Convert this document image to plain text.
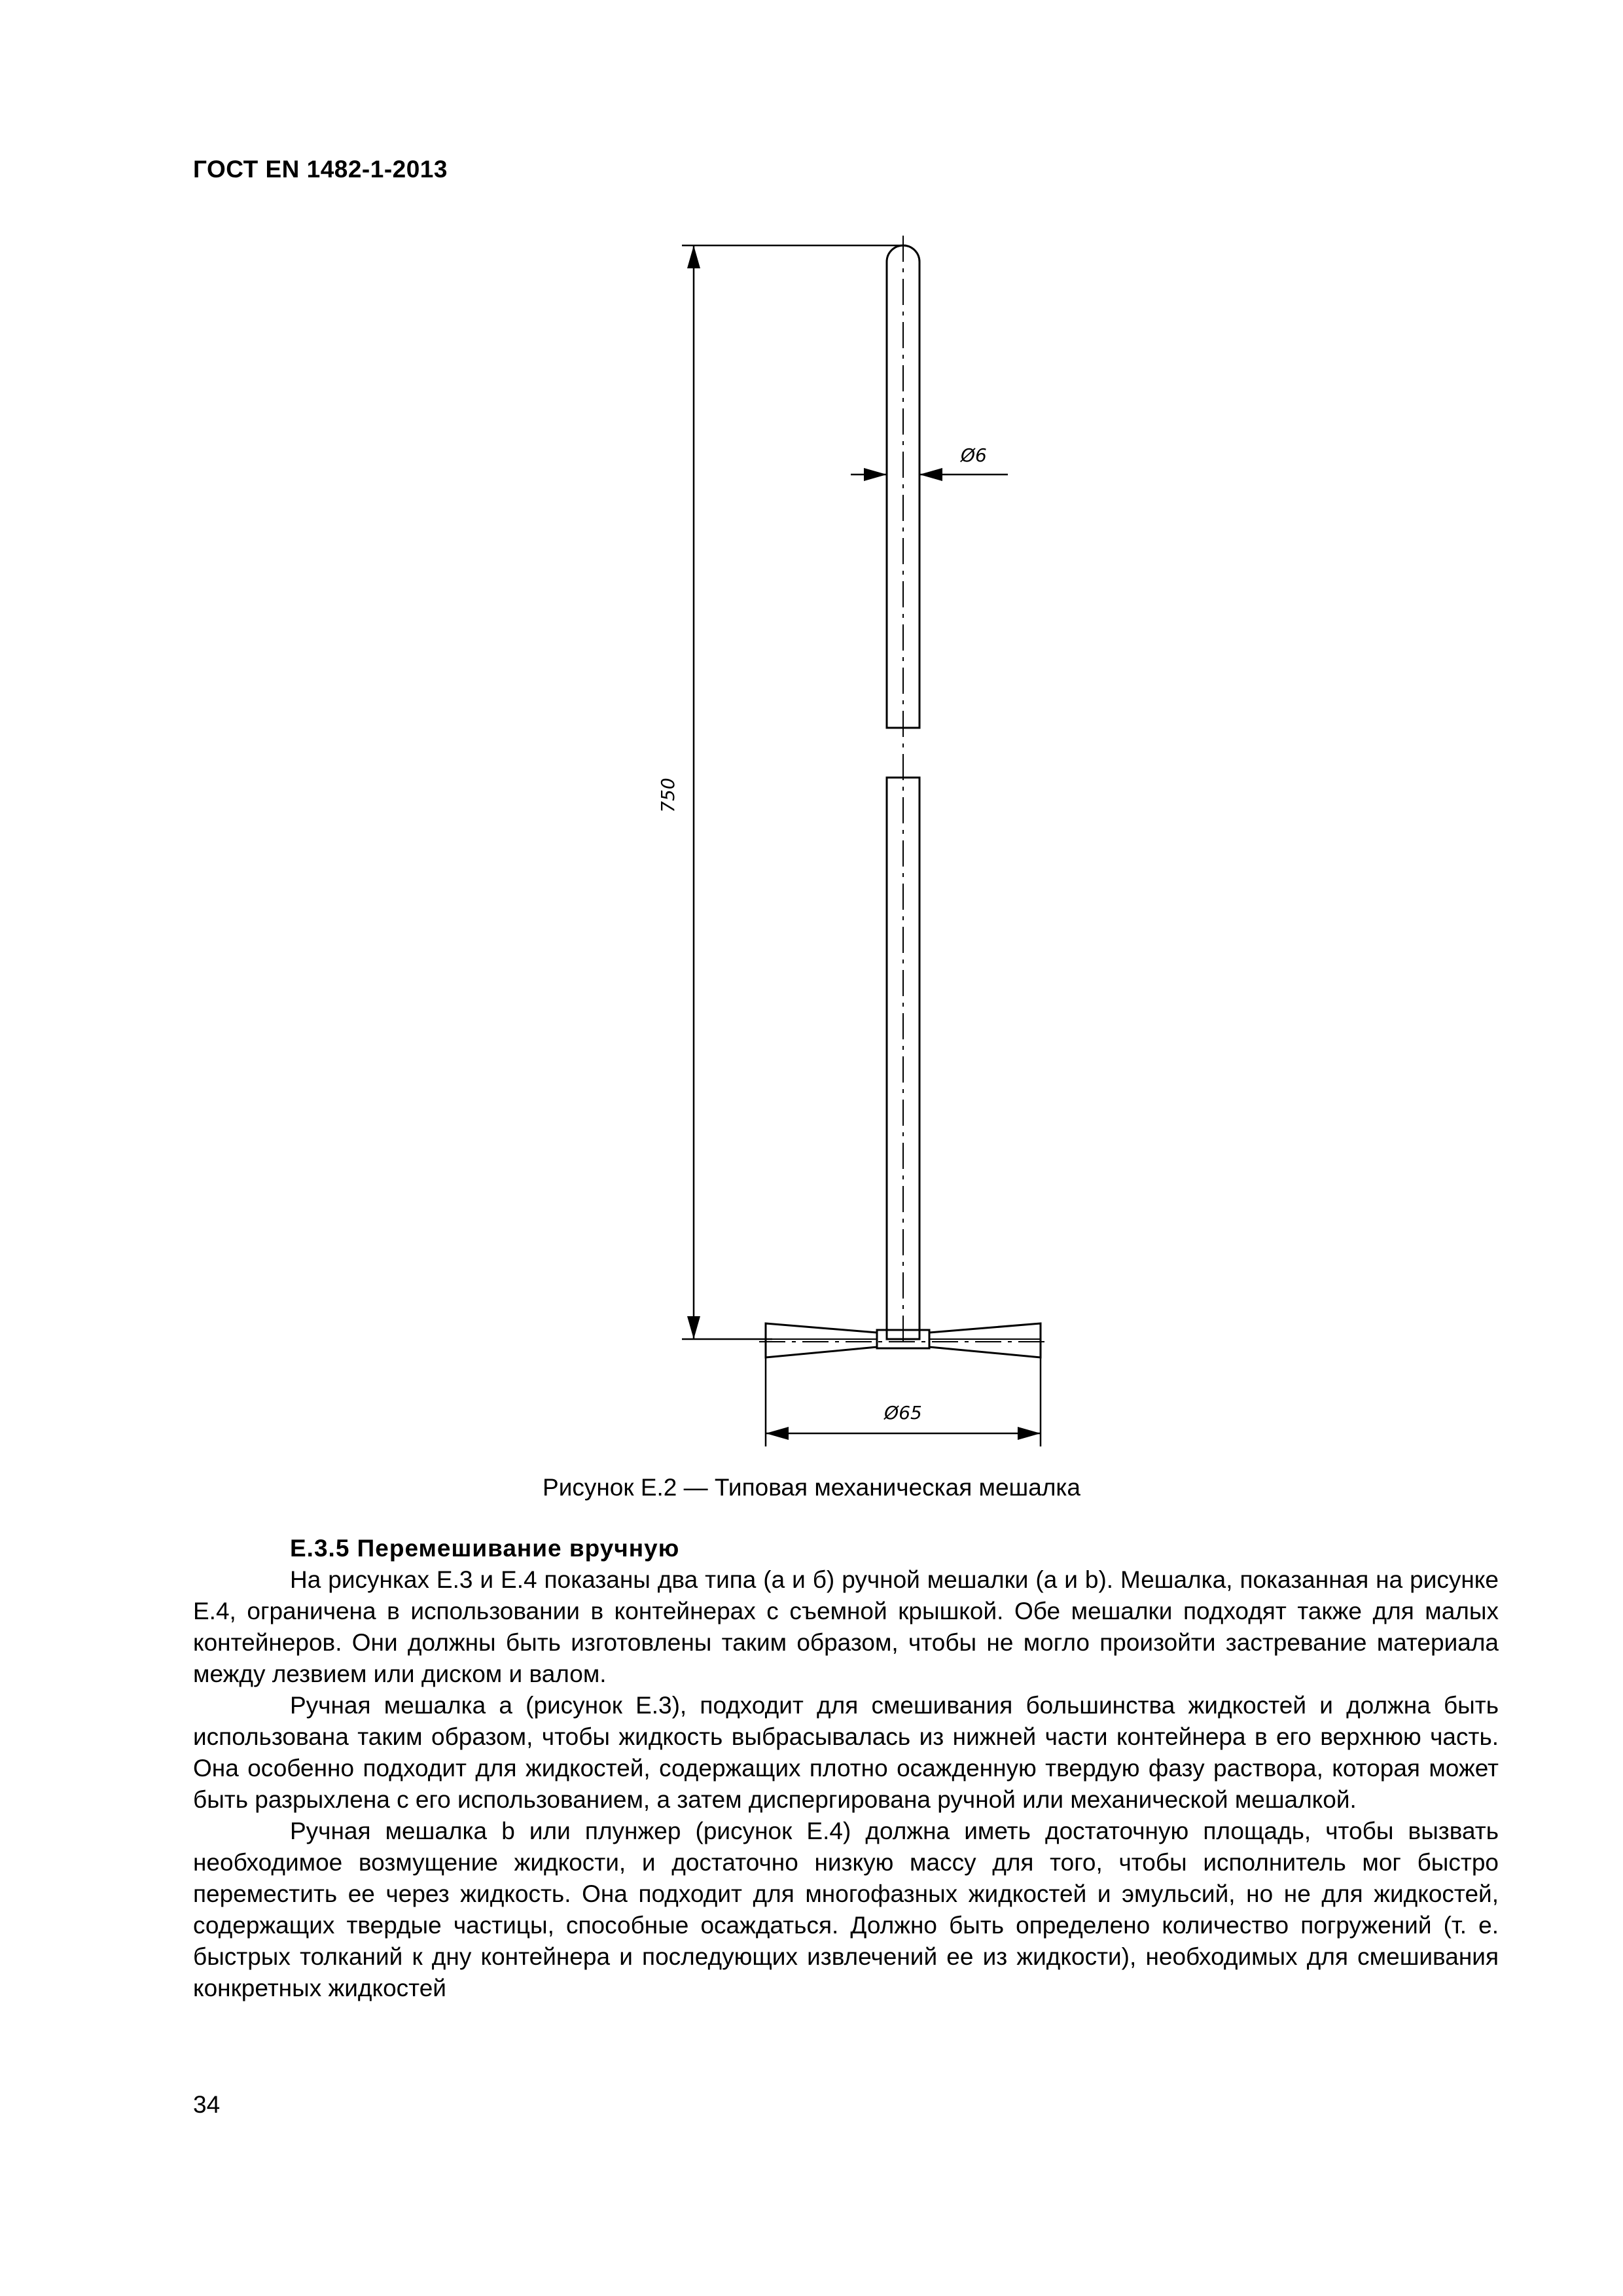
ГОСТ EN 1482-1-2013
750
Ø6
Ø65
Рисунок Е.2 — Типовая механическая мешалка
Е.3.5 Перемешивание вручную

На рисунках Е.3 и Е.4 показаны два типа (а и б) ручной мешалки (a и b). Мешалка, показанная на рисунке Е.4, ограничена в использовании в контейнерах с съемной крышкой. Обе мешалки подходят также для малых контейнеров. Они должны быть изготовлены таким образом, чтобы не могло произойти застревание материала между лезвием или диском и валом.

Ручная мешалка а (рисунок Е.3), подходит для смешивания большинства жидкостей и должна быть использована таким образом, чтобы жидкость выбрасывалась из нижней части контейнера в его верхнюю часть. Она особенно подходит для жидкостей, содержащих плотно осажденную твердую фазу раствора, которая может быть разрыхлена с его использованием, а затем диспергирована ручной или механической мешалкой.

Ручная мешалка b или плунжер (рисунок Е.4) должна иметь достаточную площадь, чтобы вызвать необходимое возмущение жидкости, и достаточно низкую массу для того, чтобы исполнитель мог быстро переместить ее через жидкость. Она подходит для многофазных жидкостей и эмульсий, но не для жидкостей, содержащих твердые частицы, способные осаждаться. Должно быть определено количество погружений (т. е. быстрых толканий к дну контейнера и последующих извлечений ее из жидкости), необходимых для смешивания конкретных жидкостей

34
